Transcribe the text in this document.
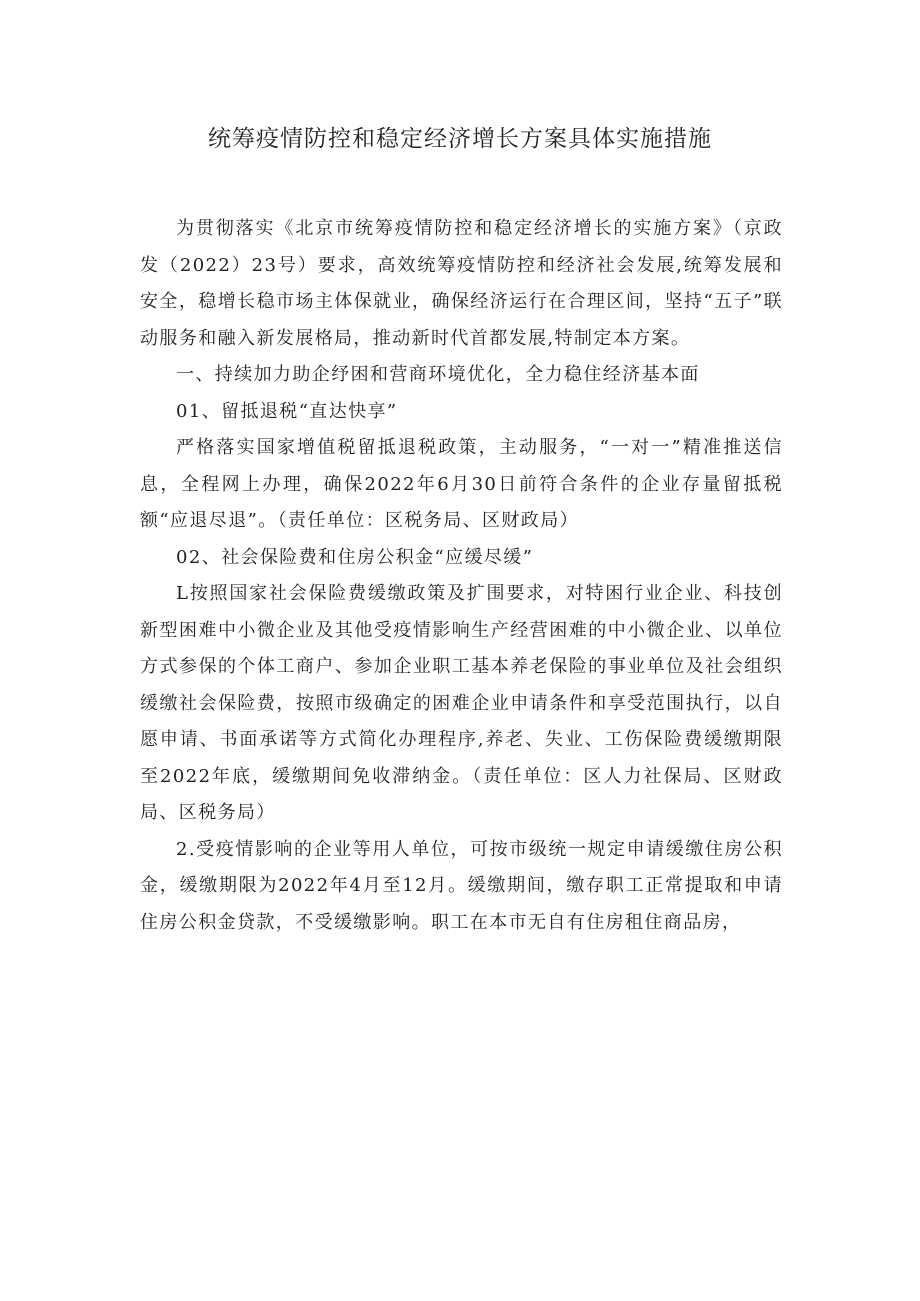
统筹疫情防控和稳定经济增长方案具体实施措施

为贯彻落实《北京市统筹疫情防控和稳定经济增长的实施方案》（京政发（2022）23号）要求，高效统筹疫情防控和经济社会发展,统筹发展和安全，稳增长稳市场主体保就业，确保经济运行在合理区间，坚持“五子”联动服务和融入新发展格局，推动新时代首都发展,特制定本方案。

一、持续加力助企纾困和营商环境优化，全力稳住经济基本面

01、留抵退税“直达快享”

严格落实国家增值税留抵退税政策，主动服务，“一对一”精准推送信息，全程网上办理，确保2022年6月30日前符合条件的企业存量留抵税额“应退尽退”。（责任单位：区税务局、区财政局）

02、社会保险费和住房公积金“应缓尽缓”

L按照国家社会保险费缓缴政策及扩围要求，对特困行业企业、科技创新型困难中小微企业及其他受疫情影响生产经营困难的中小微企业、以单位方式参保的个体工商户、参加企业职工基本养老保险的事业单位及社会组织缓缴社会保险费，按照市级确定的困难企业申请条件和享受范围执行，以自愿申请、书面承诺等方式简化办理程序,养老、失业、工伤保险费缓缴期限至2022年底，缓缴期间免收滞纳金。（责任单位：区人力社保局、区财政局、区税务局）

2.受疫情影响的企业等用人单位，可按市级统一规定申请缓缴住房公积金，缓缴期限为2022年4月至12月。缓缴期间，缴存职工正常提取和申请住房公积金贷款，不受缓缴影响。职工在本市无自有住房租住商品房，
